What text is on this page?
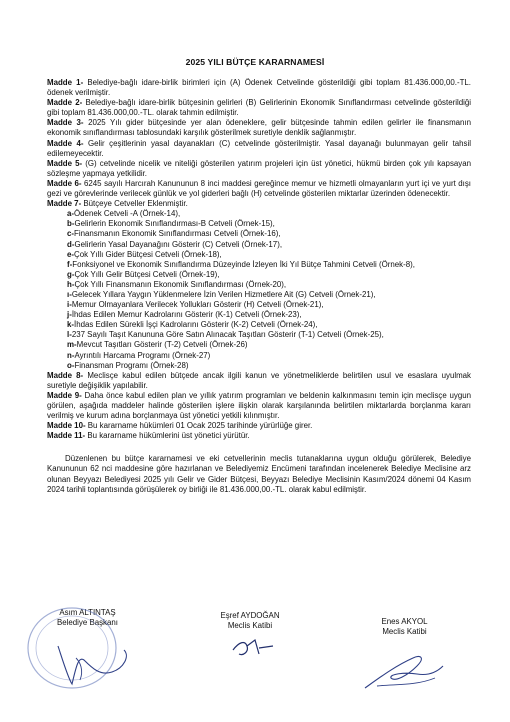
2025 YILI BÜTÇE KARARNAMESİ

Madde 1- Belediye-bağlı idare-birlik birimleri için (A) Ödenek Cetvelinde gösterildiği gibi toplam 81.436.000,00.-TL. ödenek verilmiştir.

Madde 2- Belediye-bağlı idare-birlik bütçesinin gelirleri (B) Gelirlerinin Ekonomik Sınıflandırması cetvelinde gösterildiği gibi toplam 81.436.000,00.-TL. olarak tahmin edilmiştir.

Madde 3- 2025 Yılı gider bütçesinde yer alan ödeneklere, gelir bütçesinde tahmin edilen gelirler ile finansmanın ekonomik sınıflandırması tablosundaki karşılık gösterilmek suretiyle denklik sağlanmıştır.

Madde 4- Gelir çeşitlerinin yasal dayanakları (C) cetvelinde gösterilmiştir. Yasal dayanağı bulunmayan gelir tahsil edilemeyecektir.

Madde 5- (G) cetvelinde nicelik ve niteliği gösterilen yatırım projeleri için üst yönetici, hükmü birden çok yılı kapsayan sözleşme yapmaya yetkilidir.

Madde 6- 6245 sayılı Harcırah Kanununun 8 inci maddesi gereğince memur ve hizmetli olmayanların yurt içi ve yurt dışı gezi ve görevlerinde verilecek günlük ve yol giderleri bağlı (H) cetvelinde gösterilen miktarlar üzerinden ödenecektir.

Madde 7- Bütçeye Cetveller Eklenmiştir.

a-Ödenek Cetveli -A (Örnek-14),
b-Gelirlerin Ekonomik Sınıflandırması-B Cetveli (Örnek-15),
c-Finansmanın Ekonomik Sınıflandırması Cetveli (Örnek-16),
d-Gelirlerin Yasal Dayanağını Gösterir (C) Cetveli (Örnek-17),
e-Çok Yıllı Gider Bütçesi Cetveli (Örnek-18),
f-Fonksiyonel ve Ekonomik Sınıflandırma Düzeyinde İzleyen İki Yıl Bütçe Tahmini Cetveli (Örnek-8),
g-Çok Yıllı Gelir Bütçesi Cetveli (Örnek-19),
h-Çok Yıllı Finansmanın Ekonomik Sınıflandırması (Örnek-20),
ı-Gelecek Yıllara Yaygın Yüklenmelere İzin Verilen Hizmetlere Ait (G) Cetveli (Örnek-21),
i-Memur Olmayanlara Verilecek Yollukları Gösterir (H) Cetveli (Örnek-21),
j-İhdas Edilen Memur Kadrolarını Gösterir (K-1) Cetveli (Örnek-23),
k-İhdas Edilen Sürekli İşçi Kadrolarını Gösterir (K-2) Cetveli (Örnek-24),
l-237 Sayılı Taşıt Kanununa Göre Satın Alınacak Taşıtları Gösterir (T-1) Cetveli (Örnek-25),
m-Mevcut Taşıtları Gösterir (T-2) Cetveli (Örnek-26)
n-Ayrıntılı Harcama Programı (Örnek-27)
o-Finansman Programı (Örnek-28)

Madde 8- Meclisçe kabul edilen bütçede ancak ilgili kanun ve yönetmeliklerde belirtilen usul ve esaslara uyulmak suretiyle değişiklik yapılabilir.

Madde 9- Daha önce kabul edilen plan ve yıllık yatırım programları ve beldenin kalkınmasını temin için meclisçe uygun görülen, aşağıda maddeler halinde gösterilen işlere ilişkin olarak karşılanında belirtilen miktarlarda borçlanma kararı verilmiş ve kurum adına borçlanmaya üst yönetici yetkili kılınmıştır.

Madde 10- Bu kararname hükümleri 01 Ocak 2025 tarihinde yürürlüğe girer.

Madde 11- Bu kararname hükümlerini üst yönetici yürütür.

Düzenlenen bu bütçe kararnamesi ve eki cetvellerinin meclis tutanaklarına uygun olduğu görülerek, Belediye Kanununun 62 nci maddesine göre hazırlanan ve Belediyemiz Encümeni tarafından incelenerek Belediye Meclisine arz olunan Beyyazı Belediyesi 2025 yılı Gelir ve Gider Bütçesi, Beyyazı Belediye Meclisinin Kasım/2024 dönemi 04 Kasım 2024 tarihli toplantısında görüşülerek oy birliği ile 81.436.000,00.-TL. olarak kabul edilmiştir.

Asım ALTINTAŞ
Belediye Başkanı
Eşref AYDOĞAN
Meclis Katibi	Enes AKYOL
Meclis Katibi
